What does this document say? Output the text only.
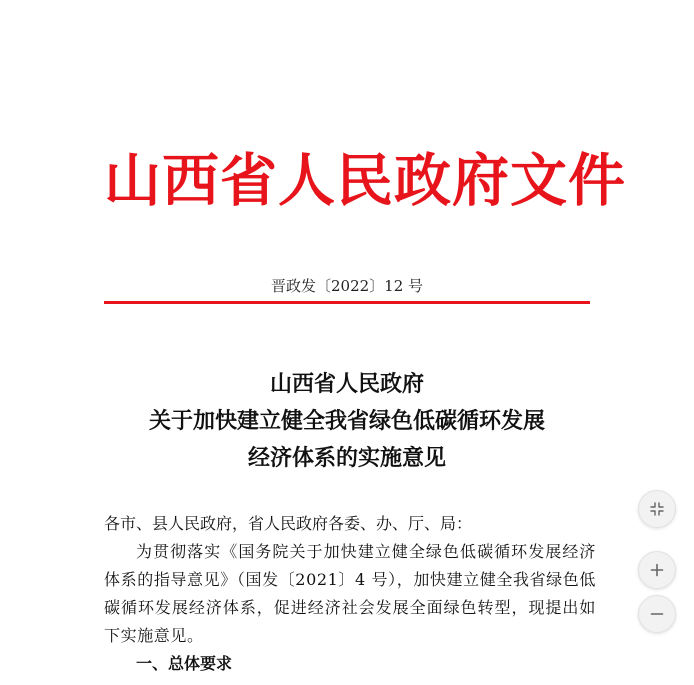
山西省人民政府文件
晋政发〔2022〕12 号
山西省人民政府
关于加快建立健全我省绿色低碳循环发展
经济体系的实施意见

各市、县人民政府，省人民政府各委、办、厅、局：

为贯彻落实《国务院关于加快建立健全绿色低碳循环发展经济体系的指导意见》（国发〔2021〕4 号），加快建立健全我省绿色低碳循环发展经济体系，促进经济社会发展全面绿色转型，现提出如下实施意见。

一、总体要求
